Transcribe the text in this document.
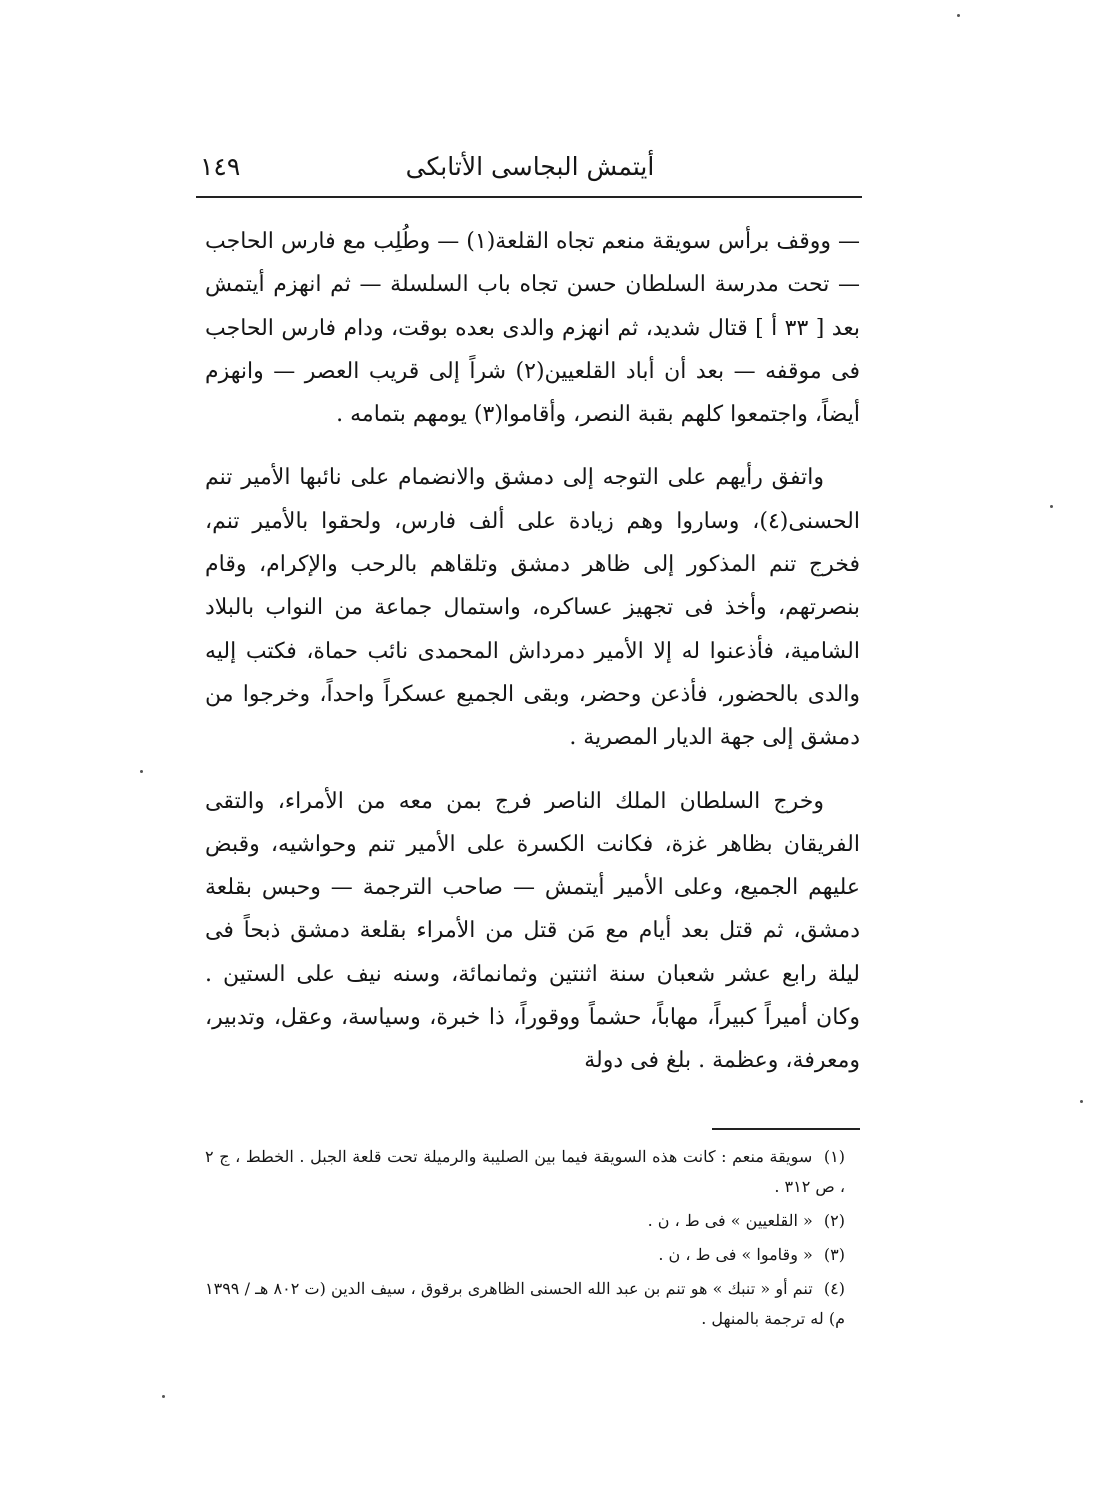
أيتمش البجاسى الأتابكى
١٤٩

— ووقف برأس سويقة منعم تجاه القلعة(١) — وطُلِب مع فارس الحاجب — تحت مدرسة السلطان حسن تجاه باب السلسلة — ثم انهزم أيتمش بعد [ ٣٣ أ ] قتال شديد، ثم انهزم والدى بعده بوقت، ودام فارس الحاجب فى موقفه — بعد أن أباد القلعيين(٢) شراً إلى قريب العصر — وانهزم أيضاً، واجتمعوا كلهم بقبة النصر، وأقاموا(٣) يومهم بتمامه .

واتفق رأيهم على التوجه إلى دمشق والانضمام على نائبها الأمير تنم الحسنى(٤)، وساروا وهم زيادة على ألف فارس، ولحقوا بالأمير تنم، فخرج تنم المذكور إلى ظاهر دمشق وتلقاهم بالرحب والإكرام، وقام بنصرتهم، وأخذ فى تجهيز عساكره، واستمال جماعة من النواب بالبلاد الشامية، فأذعنوا له إلا الأمير دمرداش المحمدى نائب حماة، فكتب إليه والدى بالحضور، فأذعن وحضر، وبقى الجميع عسكراً واحداً، وخرجوا من دمشق إلى جهة الديار المصرية .

وخرج السلطان الملك الناصر فرج بمن معه من الأمراء، والتقى الفريقان بظاهر غزة، فكانت الكسرة على الأمير تنم وحواشيه، وقبض عليهم الجميع، وعلى الأمير أيتمش — صاحب الترجمة — وحبس بقلعة دمشق، ثم قتل بعد أيام مع مَن قتل من الأمراء بقلعة دمشق ذبحاً فى ليلة رابع عشر شعبان سنة اثنتين وثمانمائة، وسنه نيف على الستين . وكان أميراً كبيراً، مهاباً، حشماً ووقوراً، ذا خبرة، وسياسة، وعقل، وتدبير، ومعرفة، وعظمة . بلغ فى دولة

(١) سويقة منعم : كانت هذه السويقة فيما بين الصليبة والرميلة تحت قلعة الجبل . الخطط ، ج ٢ ، ص ٣١٢ .

(٢) « القلعيين » فى ط ، ن .

(٣) « وقاموا » فى ط ، ن .

(٤) تنم أو « تنبك » هو تنم بن عبد الله الحسنى الظاهرى برقوق ، سيف الدين (ت ٨٠٢ هـ / ١٣٩٩ م) له ترجمة بالمنهل .
